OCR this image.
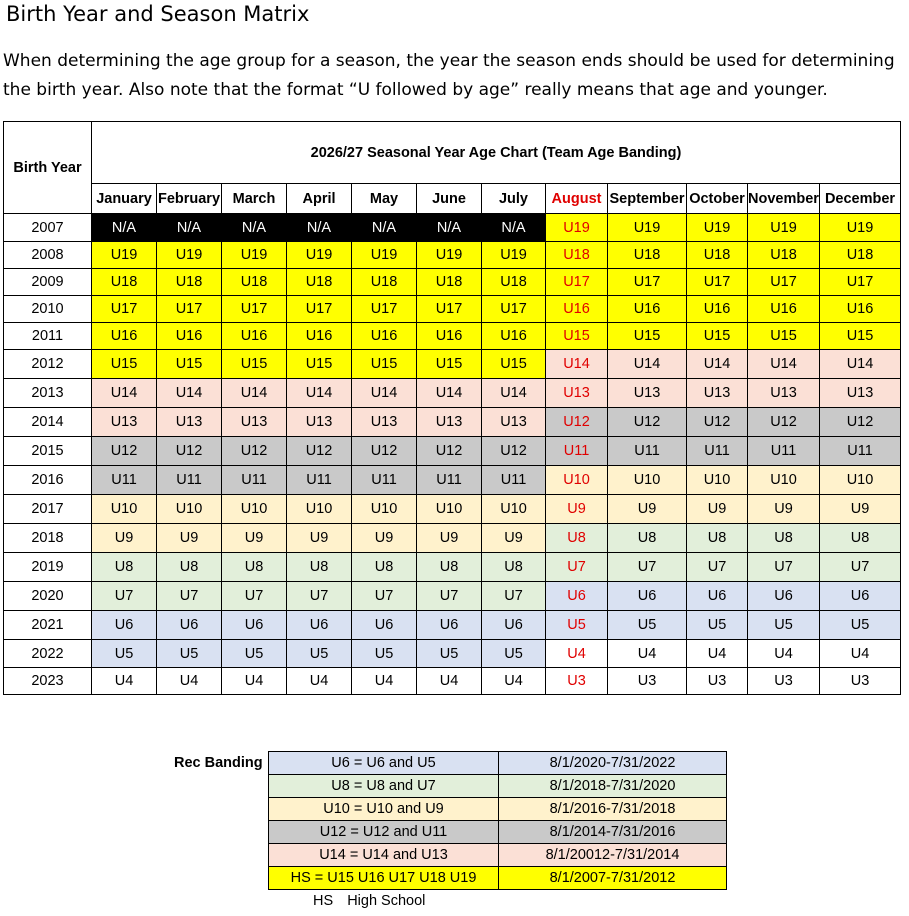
Birth Year and Season Matrix
When determining the age group for a season, the year the season ends should be used for determining the birth year. Also note that the format “U followed by age” really means that age and younger.
Birth Year	2026/27 Seasonal Year Age Chart (Team Age Banding)											
	January	February	March	April	May	June	July	August	September	October	November	December
2007	N/A	N/A	N/A	N/A	N/A	N/A	N/A	U19	U19	U19	U19	U19
2008	U19	U19	U19	U19	U19	U19	U19	U18	U18	U18	U18	U18
2009	U18	U18	U18	U18	U18	U18	U18	U17	U17	U17	U17	U17
2010	U17	U17	U17	U17	U17	U17	U17	U16	U16	U16	U16	U16
2011	U16	U16	U16	U16	U16	U16	U16	U15	U15	U15	U15	U15
2012	U15	U15	U15	U15	U15	U15	U15	U14	U14	U14	U14	U14
2013	U14	U14	U14	U14	U14	U14	U14	U13	U13	U13	U13	U13
2014	U13	U13	U13	U13	U13	U13	U13	U12	U12	U12	U12	U12
2015	U12	U12	U12	U12	U12	U12	U12	U11	U11	U11	U11	U11
2016	U11	U11	U11	U11	U11	U11	U11	U10	U10	U10	U10	U10
2017	U10	U10	U10	U10	U10	U10	U10	U9	U9	U9	U9	U9
2018	U9	U9	U9	U9	U9	U9	U9	U8	U8	U8	U8	U8
2019	U8	U8	U8	U8	U8	U8	U8	U7	U7	U7	U7	U7
2020	U7	U7	U7	U7	U7	U7	U7	U6	U6	U6	U6	U6
2021	U6	U6	U6	U6	U6	U6	U6	U5	U5	U5	U5	U5
2022	U5	U5	U5	U5	U5	U5	U5	U4	U4	U4	U4	U4
2023	U4	U4	U4	U4	U4	U4	U4	U3	U3	U3	U3	U3
Rec Banding	U6 = U6 and U5	8/1/2020-7/31/2022
U8 = U8 and U7	8/1/2018-7/31/2020
U10 = U10 and U9	8/1/2016-7/31/2018
U12 = U12 and U11	8/1/2014-7/31/2016
U14 = U14 and U13	8/1/20012-7/31/2014
HS = U15 U16 U17 U18 U19	8/1/2007-7/31/2012
HS High School
